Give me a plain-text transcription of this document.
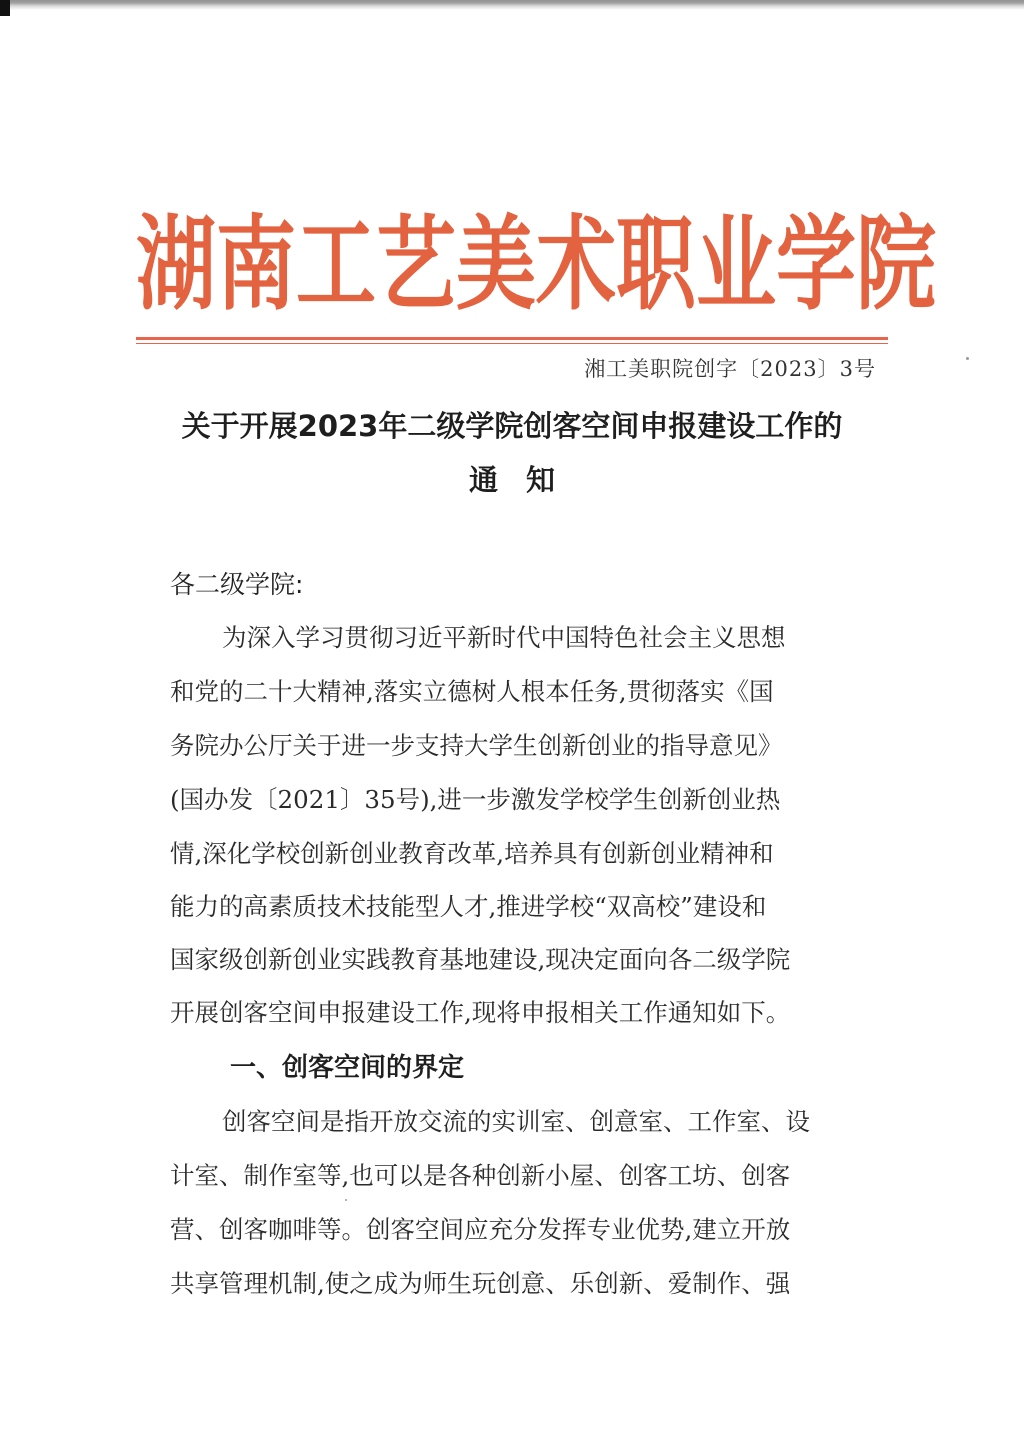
湖 南 工 艺 美 术 职 业 学 院
湘工美职院创字〔2023〕3号
关于开展2023年二级学院创客空间申报建设工作的
通知
各二级学院:
为深入学习贯彻习近平新时代中国特色社会主义思想
和党的二十大精神,落实立德树人根本任务,贯彻落实《国
务院办公厅关于进一步支持大学生创新创业的指导意见》
(国办发〔2021〕35号),进一步激发学校学生创新创业热
情,深化学校创新创业教育改革,培养具有创新创业精神和
能力的高素质技术技能型人才,推进学校“双高校”建设和
国家级创新创业实践教育基地建设,现决定面向各二级学院
开展创客空间申报建设工作,现将申报相关工作通知如下。
一、创客空间的界定
创客空间是指开放交流的实训室、创意室、工作室、设
计室、制作室等,也可以是各种创新小屋、创客工坊、创客
营、创客咖啡等。创客空间应充分发挥专业优势,建立开放
共享管理机制,使之成为师生玩创意、乐创新、爱制作、强
